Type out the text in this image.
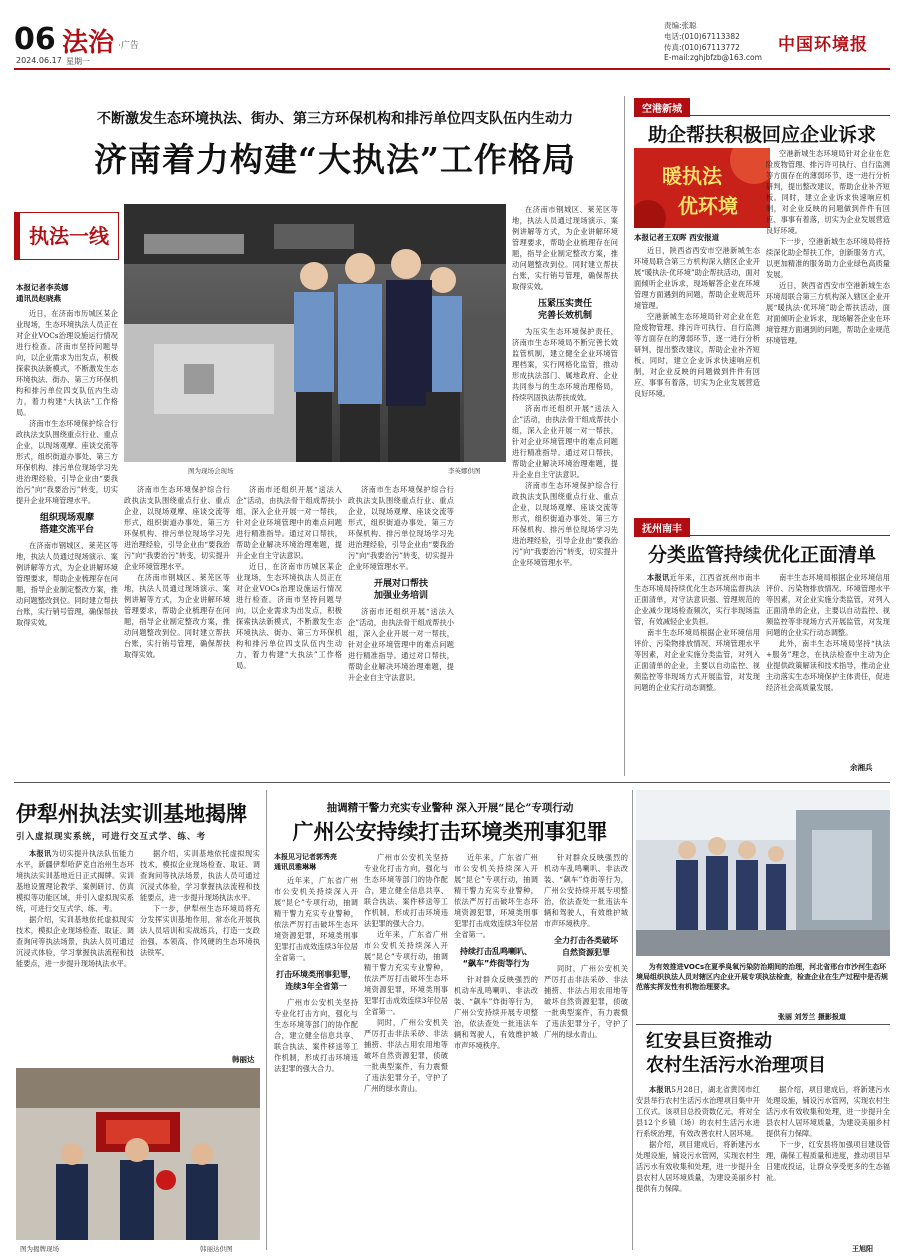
06 法治 ·广告
2024.06.17 星期一
责编:张聪
电话:(010)67113382
传真:(010)67113772
E-mail:zghjbfzb@163.com
中国环境报
不断激发生态环境执法、街办、第三方环保机构和排污单位四支队伍内生动力
济南着力构建“大执法”工作格局
执法一线
图为现场会现场	李英娜供图
本报记者李英娜
通讯员赵晓燕

近日，在济南市历城区某企业现场，生态环境执法人员正在对企业VOCs治理设施运行情况进行检查。济南市坚持问题导向，以企业需求为出发点，积极探索执法新模式，不断激发生态环境执法、街办、第三方环保机构和排污单位四支队伍内生动力，着力构建“大执法”工作格局。

济南市生态环境保护综合行政执法支队围绕重点行业、重点企业，以现场观摩、座谈交流等形式，组织街道办事处、第三方环保机构、排污单位现场学习先进治理经验，引导企业由“要我治污”向“我要治污”转变，切实提升企业环境管理水平。

组织现场观摩
搭建交流平台

在济南市钢城区、莱芜区等地，执法人员通过现场演示、案例讲解等方式，为企业讲解环境管理要求，帮助企业梳理存在问题，指导企业制定整改方案，推动问题整改到位。同时建立帮扶台账，实行销号管理，确保帮扶取得实效。

济南市生态环境保护综合行政执法支队围绕重点行业、重点企业，以现场观摩、座谈交流等形式，组织街道办事处、第三方环保机构、排污单位现场学习先进治理经验，引导企业由“要我治污”向“我要治污”转变，切实提升企业环境管理水平。

在济南市钢城区、莱芜区等地，执法人员通过现场演示、案例讲解等方式，为企业讲解环境管理要求，帮助企业梳理存在问题，指导企业制定整改方案，推动问题整改到位。同时建立帮扶台账，实行销号管理，确保帮扶取得实效。

济南市还组织开展“送法入企”活动，由执法骨干组成帮扶小组，深入企业开展一对一帮扶，针对企业环境管理中的难点问题进行精准指导。通过对口帮扶，帮助企业解决环境治理难题，提升企业自主守法意识。

近日，在济南市历城区某企业现场，生态环境执法人员正在对企业VOCs治理设施运行情况进行检查。济南市坚持问题导向，以企业需求为出发点，积极探索执法新模式，不断激发生态环境执法、街办、第三方环保机构和排污单位四支队伍内生动力，着力构建“大执法”工作格局。

济南市生态环境保护综合行政执法支队围绕重点行业、重点企业，以现场观摩、座谈交流等形式，组织街道办事处、第三方环保机构、排污单位现场学习先进治理经验，引导企业由“要我治污”向“我要治污”转变，切实提升企业环境管理水平。

开展对口帮扶
加强业务培训

济南市还组织开展“送法入企”活动，由执法骨干组成帮扶小组，深入企业开展一对一帮扶，针对企业环境管理中的难点问题进行精准指导。通过对口帮扶，帮助企业解决环境治理难题，提升企业自主守法意识。

在济南市钢城区、莱芜区等地，执法人员通过现场演示、案例讲解等方式，为企业讲解环境管理要求，帮助企业梳理存在问题，指导企业制定整改方案，推动问题整改到位。同时建立帮扶台账，实行销号管理，确保帮扶取得实效。

压紧压实责任
完善长效机制

为压实生态环境保护责任，济南市生态环境局不断完善长效监管机制，建立健全企业环境管理档案，实行网格化监管，推动形成执法部门、属地政府、企业共同参与的生态环境治理格局，持续巩固执法帮扶成效。

济南市还组织开展“送法入企”活动，由执法骨干组成帮扶小组，深入企业开展一对一帮扶，针对企业环境管理中的难点问题进行精准指导。通过对口帮扶，帮助企业解决环境治理难题，提升企业自主守法意识。

济南市生态环境保护综合行政执法支队围绕重点行业、重点企业，以现场观摩、座谈交流等形式，组织街道办事处、第三方环保机构、排污单位现场学习先进治理经验，引导企业由“要我治污”向“我要治污”转变，切实提升企业环境管理水平。

空港新城
助企帮扶积极回应企业诉求
暖执法
优环境
本报记者王双晖 西安报道

近日，陕西省西安市空港新城生态环境局联合第三方机构深入辖区企业开展“暖执法·优环境”助企帮扶活动，面对面倾听企业诉求，现场解答企业在环境管理方面遇到的问题，帮助企业规范环境管理。

空港新城生态环境局针对企业在危险废物管理、排污许可执行、自行监测等方面存在的薄弱环节，逐一进行分析研判，提出整改建议，帮助企业补齐短板。同时，建立企业诉求快速响应机制，对企业反映的问题做到件件有回应、事事有着落，切实为企业发展营造良好环境。

空港新城生态环境局针对企业在危险废物管理、排污许可执行、自行监测等方面存在的薄弱环节，逐一进行分析研判，提出整改建议，帮助企业补齐短板。同时，建立企业诉求快速响应机制，对企业反映的问题做到件件有回应、事事有着落，切实为企业发展营造良好环境。

下一步，空港新城生态环境局将持续深化助企帮扶工作，创新服务方式，以更加精准的服务助力企业绿色高质量发展。

近日，陕西省西安市空港新城生态环境局联合第三方机构深入辖区企业开展“暖执法·优环境”助企帮扶活动，面对面倾听企业诉求，现场解答企业在环境管理方面遇到的问题，帮助企业规范环境管理。

抚州南丰
分类监管持续优化正面清单

本报讯近年来，江西省抚州市南丰生态环境局持续优化生态环境监督执法正面清单，对守法意识强、管理规范的企业减少现场检查频次，实行非现场监管，有效减轻企业负担。

南丰生态环境局根据企业环境信用评价、污染物排放情况、环境管理水平等因素，对企业实施分类监管，对列入正面清单的企业，主要以自动监控、视频监控等非现场方式开展监管，对发现问题的企业实行动态调整。

南丰生态环境局根据企业环境信用评价、污染物排放情况、环境管理水平等因素，对企业实施分类监管，对列入正面清单的企业，主要以自动监控、视频监控等非现场方式开展监管，对发现问题的企业实行动态调整。

此外，南丰生态环境局坚持“执法+服务”理念，在执法检查中主动为企业提供政策解读和技术指导，推动企业主动落实生态环境保护主体责任，促进经济社会高质量发展。

余湘兵
伊犁州执法实训基地揭牌
引入虚拟现实系统，可进行交互式学、练、考

本报讯为切实提升执法队伍能力水平，新疆伊犁哈萨克自治州生态环境执法实训基地近日正式揭牌。实训基地设置理论教学、案例研讨、仿真模拟等功能区域，并引入虚拟现实系统，可进行交互式学、练、考。

据介绍，实训基地依托虚拟现实技术，模拟企业现场检查、取证、调查询问等执法场景，执法人员可通过沉浸式体验，学习掌握执法流程和技能要点，进一步提升现场执法水平。

据介绍，实训基地依托虚拟现实技术，模拟企业现场检查、取证、调查询问等执法场景，执法人员可通过沉浸式体验，学习掌握执法流程和技能要点，进一步提升现场执法水平。

下一步，伊犁州生态环境局将充分发挥实训基地作用，常态化开展执法人员培训和实战练兵，打造一支政治强、本领高、作风硬的生态环境执法铁军。

韩丽达
图为揭牌现场	韩丽达供图
抽调精干警力充实专业警种 深入开展“昆仑”专项行动
广州公安持续打击环境类刑事犯罪
本报见习记者郭秀亮
通讯员雅琳琳

近年来，广东省广州市公安机关持续深入开展“昆仑”专项行动，抽调精干警力充实专业警种，依法严厉打击破坏生态环境资源犯罪，环境类刑事犯罪打击成效连续3年位居全省第一。

打击环境类刑事犯罪，
连续3年全省第一

广州市公安机关坚持专业化打击方向，强化与生态环境等部门的协作配合，建立健全信息共享、联合执法、案件移送等工作机制，形成打击环境违法犯罪的强大合力。

广州市公安机关坚持专业化打击方向，强化与生态环境等部门的协作配合，建立健全信息共享、联合执法、案件移送等工作机制，形成打击环境违法犯罪的强大合力。

近年来，广东省广州市公安机关持续深入开展“昆仑”专项行动，抽调精干警力充实专业警种，依法严厉打击破坏生态环境资源犯罪，环境类刑事犯罪打击成效连续3年位居全省第一。

同时，广州公安机关严厉打击非法采砂、非法捕捞、非法占用农用地等破坏自然资源犯罪，侦破一批典型案件，有力震慑了违法犯罪分子，守护了广州的绿水青山。

近年来，广东省广州市公安机关持续深入开展“昆仑”专项行动，抽调精干警力充实专业警种，依法严厉打击破坏生态环境资源犯罪，环境类刑事犯罪打击成效连续3年位居全省第一。

持续打击乱鸣喇叭、
“飙车”炸街等行为

针对群众反映强烈的机动车乱鸣喇叭、非法改装、“飙车”炸街等行为，广州公安持续开展专项整治，依法查处一批违法车辆和驾驶人，有效维护城市声环境秩序。

针对群众反映强烈的机动车乱鸣喇叭、非法改装、“飙车”炸街等行为，广州公安持续开展专项整治，依法查处一批违法车辆和驾驶人，有效维护城市声环境秩序。

全力打击各类破坏
自然资源犯罪

同时，广州公安机关严厉打击非法采砂、非法捕捞、非法占用农用地等破坏自然资源犯罪，侦破一批典型案件，有力震慑了违法犯罪分子，守护了广州的绿水青山。

为有效推进VOCs在夏季臭氧污染防治期间的治理，河北省邢台市沙河生态环境局组织执法人员对辖区内企业开展专项执法检查，检查企业在生产过程中是否规范落实挥发性有机物治理要求。
张丽 刘芳兰 摄影报道
红安县巨资推动
农村生活污水治理项目

本报讯5月28日，湖北省黄冈市红安县举行农村生活污水治理项目集中开工仪式。该项目总投资数亿元，将对全县12个乡镇（场）的农村生活污水进行系统治理，有效改善农村人居环境。

据介绍，项目建成后，将新建污水处理设施，铺设污水管网，实现农村生活污水有效收集和处理，进一步提升全县农村人居环境质量，为建设美丽乡村提供有力保障。

据介绍，项目建成后，将新建污水处理设施，铺设污水管网，实现农村生活污水有效收集和处理，进一步提升全县农村人居环境质量，为建设美丽乡村提供有力保障。

下一步，红安县将加强项目建设管理，确保工程质量和进度，推动项目早日建成投运，让群众享受更多的生态福祉。

王旭阳
